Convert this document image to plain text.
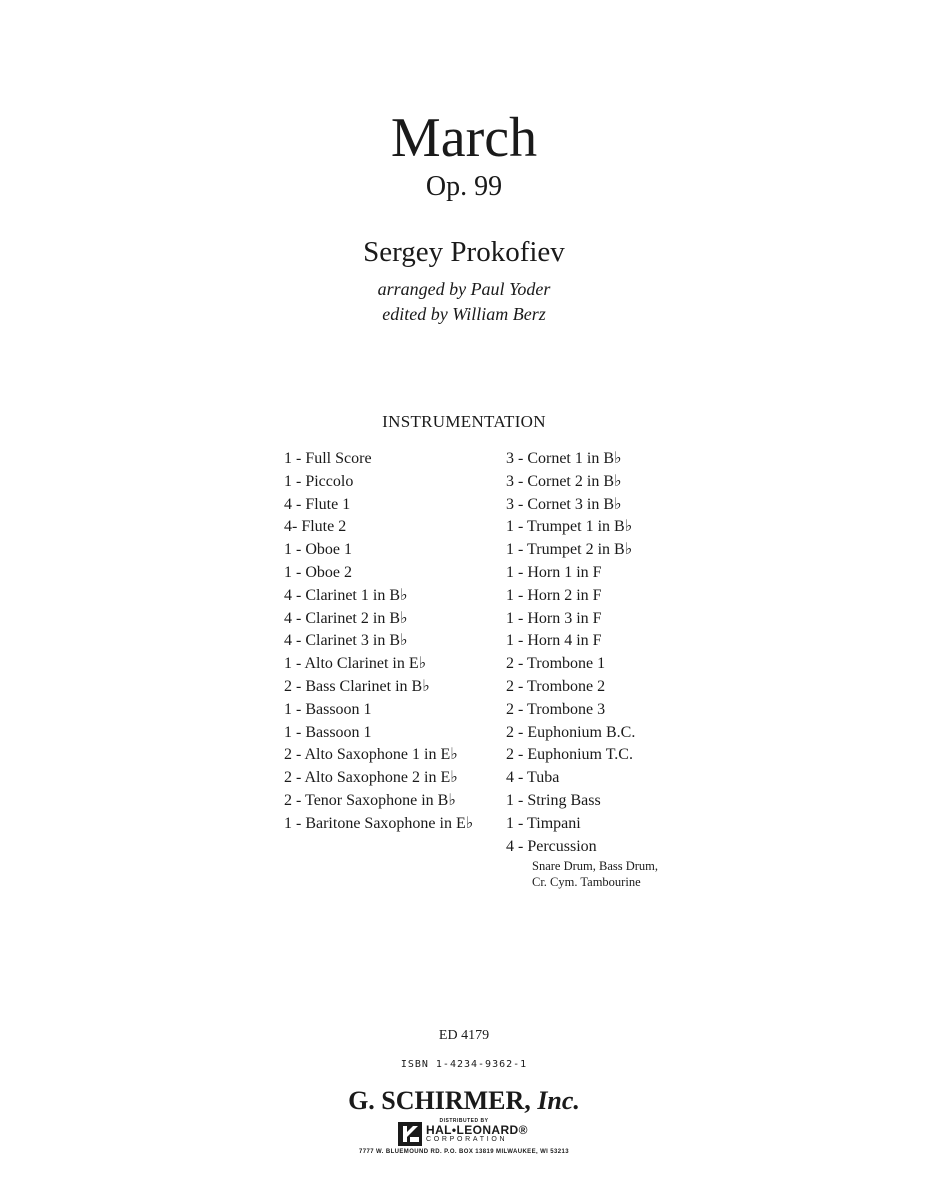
March
Op. 99
Sergey Prokofiev
arranged by Paul Yoder
edited by William Berz
INSTRUMENTATION
1 - Full Score
1 - Piccolo
4 - Flute 1
4- Flute 2
1 - Oboe 1
1 - Oboe 2
4 - Clarinet 1 in B♭
4 - Clarinet 2 in B♭
4 - Clarinet 3 in B♭
1 - Alto Clarinet in E♭
2 - Bass Clarinet in B♭
1 - Bassoon 1
1 - Bassoon 1
2 - Alto Saxophone 1 in E♭
2 - Alto Saxophone 2 in E♭
2 - Tenor Saxophone in B♭
1 - Baritone Saxophone in E♭
3 - Cornet 1 in B♭
3 - Cornet 2 in B♭
3 - Cornet 3 in B♭
1 - Trumpet 1 in B♭
1 - Trumpet 2 in B♭
1 - Horn 1 in F
1 - Horn 2 in F
1 - Horn 3 in F
1 - Horn 4 in F
2 - Trombone 1
2 - Trombone 2
2 - Trombone 3
2 - Euphonium B.C.
2 - Euphonium T.C.
4 - Tuba
1 - String Bass
1 - Timpani
4 - Percussion
Snare Drum, Bass Drum,
Cr. Cym. Tambourine
ED 4179
ISBN 1-4234-9362-1
G. SCHIRMER, Inc.
DISTRIBUTED BY
HAL•LEONARD®
CORPORATION
7777 W. BLUEMOUND RD. P.O. BOX 13819 MILWAUKEE, WI 53213
